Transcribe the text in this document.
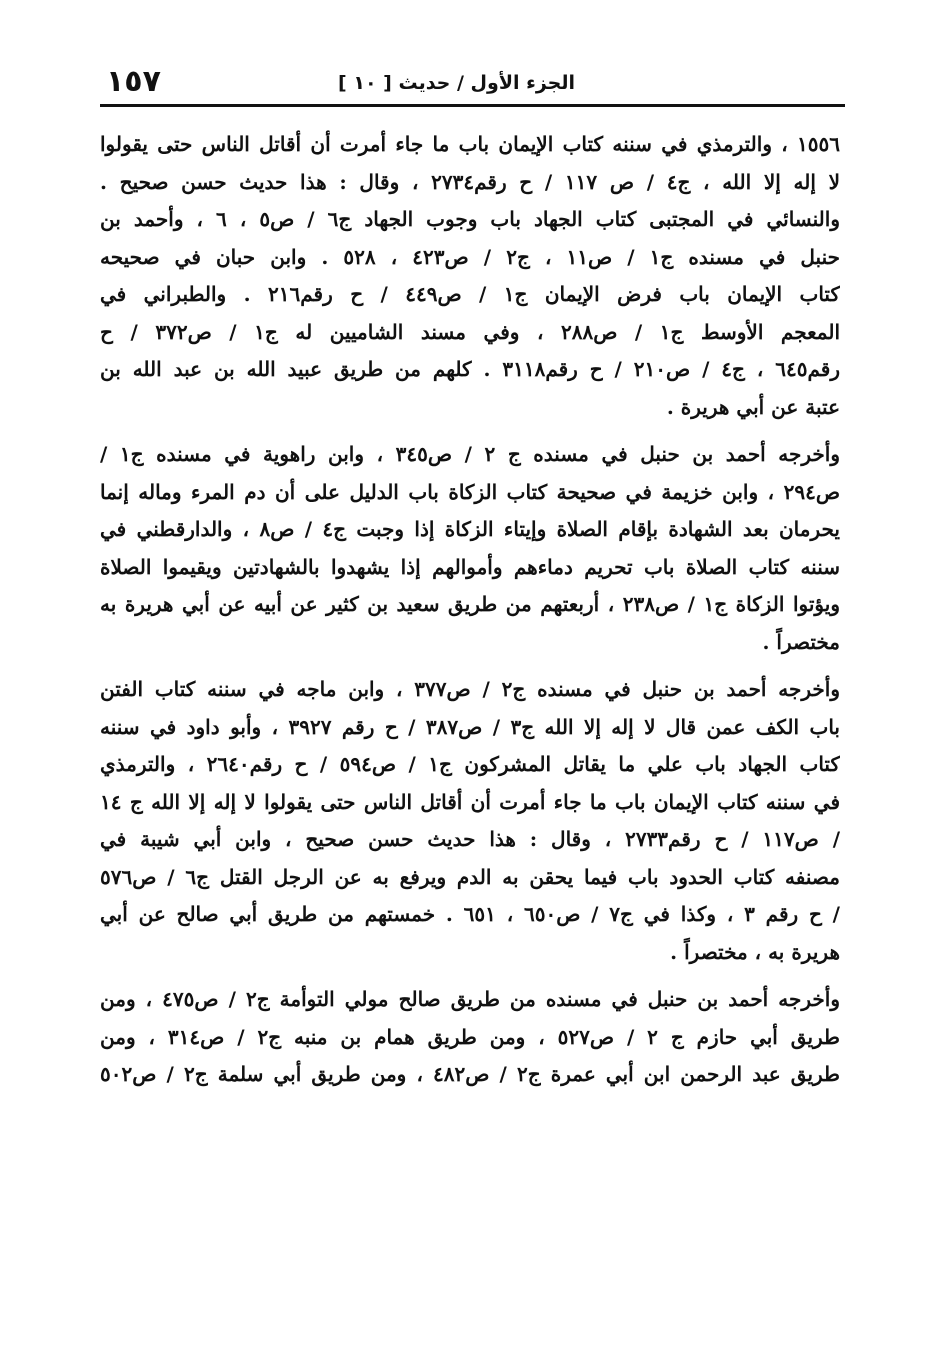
الجزء الأول / حديث [ ١٠ ]
١٥٧
١٥٥٦ ، والترمذي في سننه كتاب الإيمان باب ما جاء أمرت أن أقاتل الناس حتى يقولوا
لا إله إلا الله ، ج٤ / ص ١١٧ / ح رقم٢٧٣٤ ، وقال : هذا حديث حسن صحيح .
والنسائي في المجتبى كتاب الجهاد باب وجوب الجهاد ج٦ / ص٥ ، ٦ ، وأحمد بن
حنبل في مسنده ج١ / ص١١ ، ج٢ / ص٤٢٣ ، ٥٢٨ . وابن حبان في صحيحه
كتاب الإيمان باب فرض الإيمان ج١ / ص٤٤٩ / ح رقم٢١٦ . والطبراني في
المعجم الأوسط ج١ / ص٢٨٨ ، وفي مسند الشاميين له ج١ / ص٣٧٢ / ح
رقم٦٤٥ ، ج٤ / ص٢١٠ / ح رقم٣١١٨ . كلهم من طريق عبيد الله بن عبد الله بن
عتبة عن أبي هريرة .
وأخرجه أحمد بن حنبل في مسنده ج ٢ / ص٣٤٥ ، وابن راهوية في مسنده ج١ /
ص٢٩٤ ، وابن خزيمة في صحيحة كتاب الزكاة باب الدليل على أن دم المرء وماله إنما
يحرمان بعد الشهادة بإقام الصلاة وإيتاء الزكاة إذا وجبت ج٤ / ص٨ ، والدارقطني في
سننه كتاب الصلاة باب تحريم دماءهم وأموالهم إذا يشهدوا بالشهادتين ويقيموا الصلاة
ويؤتوا الزكاة ج١ / ص٢٣٨ ، أربعتهم من طريق سعيد بن كثير عن أبيه عن أبي هريرة به
مختصراً .
وأخرجه أحمد بن حنبل في مسنده ج٢ / ص٣٧٧ ، وابن ماجه في سننه كتاب الفتن
باب الكف عمن قال لا إله إلا الله ج٣ / ص٣٨٧ / ح رقم ٣٩٢٧ ، وأبو داود في سننه
كتاب الجهاد باب علي ما يقاتل المشركون ج١ / ص٥٩٤ / ح رقم٢٦٤٠ ، والترمذي
في سننه كتاب الإيمان باب ما جاء أمرت أن أقاتل الناس حتى يقولوا لا إله إلا الله ج ١٤
/ ص١١٧ / ح رقم٢٧٣٣ ، وقال : هذا حديث حسن صحيح ، وابن أبي شيبة في
مصنفه كتاب الحدود باب فيما يحقن به الدم ويرفع به عن الرجل القتل ج٦ / ص٥٧٦
/ ح رقم ٣ ، وكذا في ج٧ / ص٦٥٠ ، ٦٥١ . خمستهم من طريق أبي صالح عن أبي
هريرة به ، مختصراً .
وأخرجه أحمد بن حنبل في مسنده من طريق صالح مولي التوأمة ج٢ / ص٤٧٥ ، ومن
طريق أبي حازم ج ٢ / ص٥٢٧ ، ومن طريق همام بن منبه ج٢ / ص٣١٤ ، ومن
طريق عبد الرحمن ابن أبي عمرة ج٢ / ص٤٨٢ ، ومن طريق أبي سلمة ج٢ / ص٥٠٢
